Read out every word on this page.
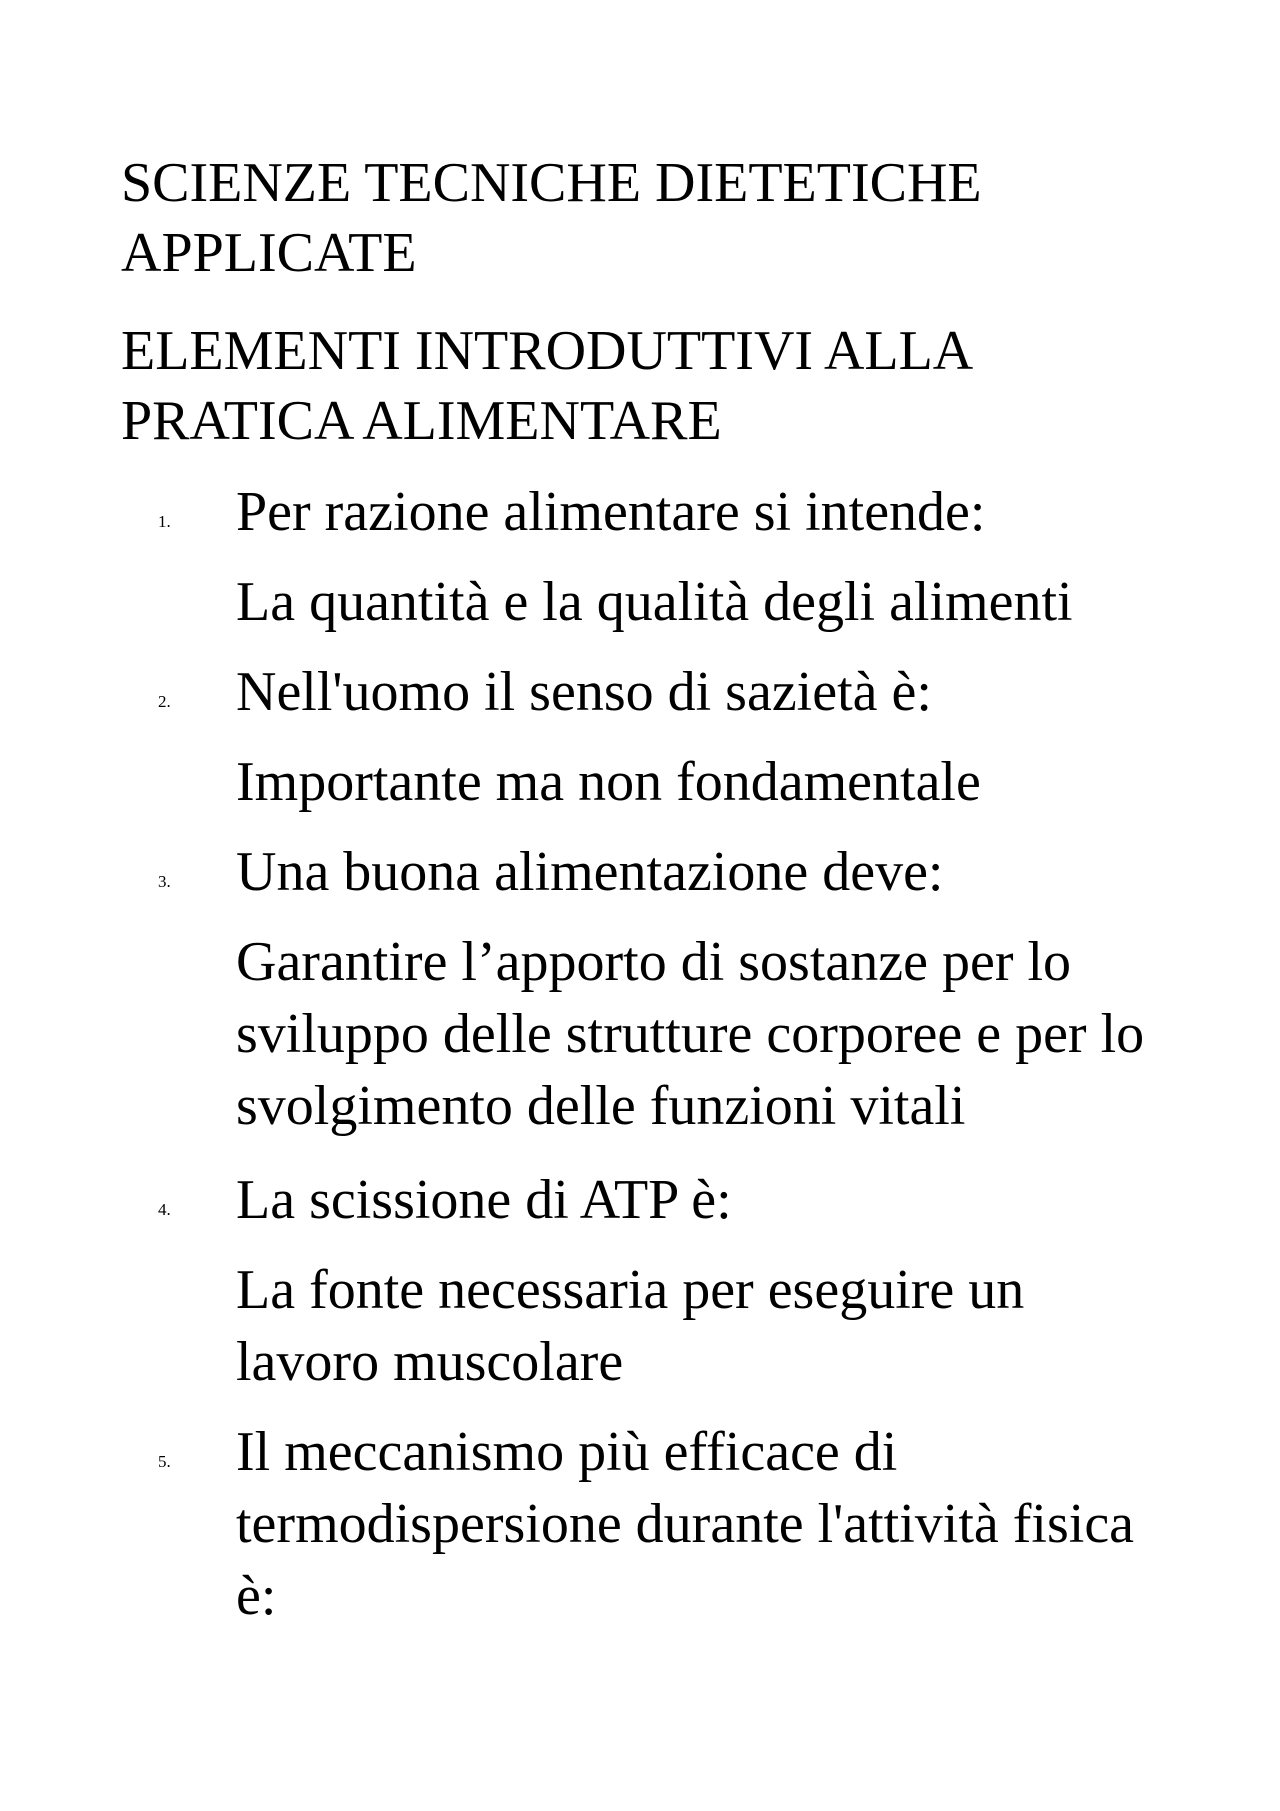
SCIENZE TECNICHE DIETETICHE APPLICATE
ELEMENTI INTRODUTTIVI ALLA PRATICA ALIMENTARE
1. Per razione alimentare si intende:

La quantità e la qualità degli alimenti

2. Nell'uomo il senso di sazietà è:

Importante ma non fondamentale

3. Una buona alimentazione deve:

Garantire l’apporto di sostanze per lo sviluppo delle strutture corporee e per lo svolgimento delle funzioni vitali

4. La scissione di ATP è:

La fonte necessaria per eseguire un lavoro muscolare

5. Il meccanismo più efficace di termodispersione durante l'attività fisica è:
